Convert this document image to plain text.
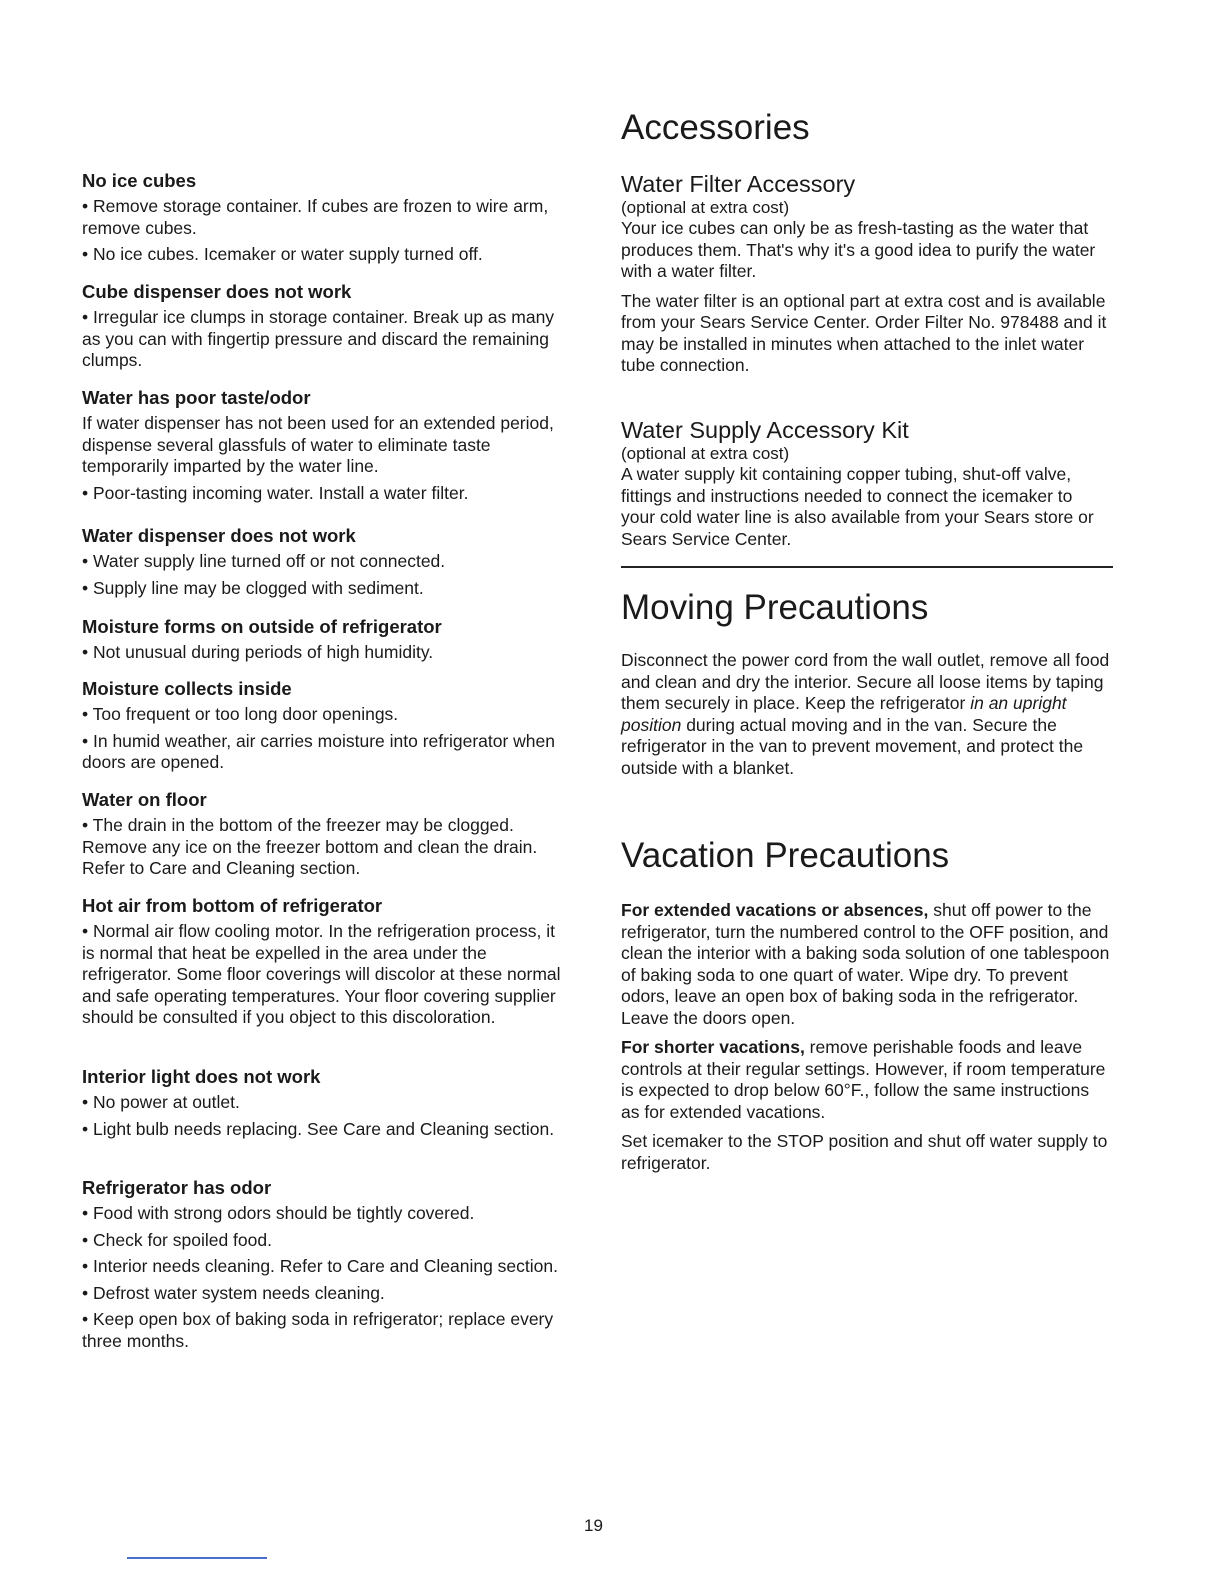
No ice cubes

• Remove storage container. If cubes are frozen to wire arm, remove cubes.

• No ice cubes. Icemaker or water supply turned off.

Cube dispenser does not work

• Irregular ice clumps in storage container. Break up as many as you can with fingertip pressure and discard the remaining clumps.

Water has poor taste/odor

If water dispenser has not been used for an extended period, dispense several glassfuls of water to eliminate taste temporarily imparted by the water line.

• Poor-tasting incoming water. Install a water filter.

Water dispenser does not work

• Water supply line turned off or not connected.

• Supply line may be clogged with sediment.

Moisture forms on outside of refrigerator

• Not unusual during periods of high humidity.

Moisture collects inside

• Too frequent or too long door openings.

• In humid weather, air carries moisture into refrigerator when doors are opened.

Water on floor

• The drain in the bottom of the freezer may be clogged. Remove any ice on the freezer bottom and clean the drain. Refer to Care and Cleaning section.

Hot air from bottom of refrigerator

• Normal air flow cooling motor. In the refrigeration process, it is normal that heat be expelled in the area under the refrigerator. Some floor coverings will discolor at these normal and safe operating temperatures. Your floor covering supplier should be consulted if you object to this discoloration.

Interior light does not work

• No power at outlet.

• Light bulb needs replacing. See Care and Cleaning section.

Refrigerator has odor

• Food with strong odors should be tightly covered.

• Check for spoiled food.

• Interior needs cleaning. Refer to Care and Cleaning section.

• Defrost water system needs cleaning.

• Keep open box of baking soda in refrigerator; replace every three months.

Accessories
Water Filter Accessory
(optional at extra cost)

Your ice cubes can only be as fresh-tasting as the water that produces them. That's why it's a good idea to purify the water with a water filter.

The water filter is an optional part at extra cost and is available from your Sears Service Center. Order Filter No. 978488 and it may be installed in minutes when attached to the inlet water tube connection.

Water Supply Accessory Kit
(optional at extra cost)

A water supply kit containing copper tubing, shut-off valve, fittings and instructions needed to connect the icemaker to your cold water line is also available from your Sears store or Sears Service Center.

Moving Precautions

Disconnect the power cord from the wall outlet, remove all food and clean and dry the interior. Secure all loose items by taping them securely in place. Keep the refrigerator in an upright position during actual moving and in the van. Secure the refrigerator in the van to prevent movement, and protect the outside with a blanket.

Vacation Precautions

For extended vacations or absences, shut off power to the refrigerator, turn the numbered control to the OFF position, and clean the interior with a baking soda solution of one tablespoon of baking soda to one quart of water. Wipe dry. To prevent odors, leave an open box of baking soda in the refrigerator. Leave the doors open.

For shorter vacations, remove perishable foods and leave controls at their regular settings. However, if room temperature is expected to drop below 60°F., follow the same instructions as for extended vacations.

Set icemaker to the STOP position and shut off water supply to refrigerator.

19
